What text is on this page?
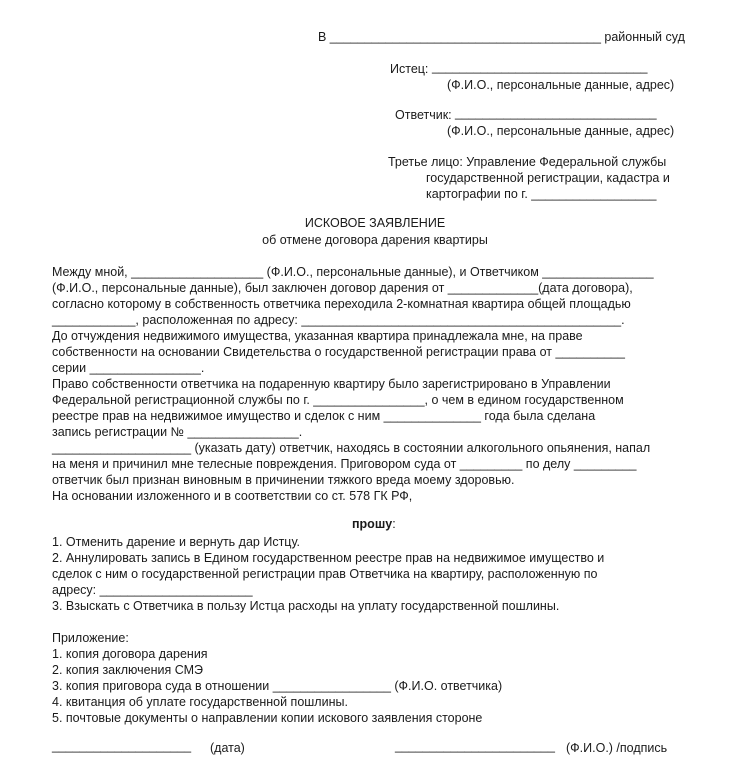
В _______________________________________ районный суд
Истец: _______________________________
(Ф.И.О., персональные данные, адрес)
Ответчик: _____________________________
(Ф.И.О., персональные данные, адрес)
Третье лицо: Управление Федеральной службы
государственной регистрации, кадастра и
картографии по г. __________________
ИСКОВОЕ ЗАЯВЛЕНИЕ
об отмене договора дарения квартиры
Между мной, ___________________ (Ф.И.О., персональные данные), и Ответчиком ________________
(Ф.И.О., персональные данные), был заключен договор дарения от _____________(дата договора),
согласно которому в собственность ответчика переходила 2-комнатная квартира общей площадью
____________, расположенная по адресу: ______________________________________________.
До отчуждения недвижимого имущества, указанная квартира принадлежала мне, на праве
собственности на основании Свидетельства о государственной регистрации права от __________
серии ________________.
Право собственности ответчика на подаренную квартиру было зарегистрировано в Управлении
Федеральной регистрационной службы по г. ________________, о чем в едином государственном
реестре прав на недвижимое имущество и сделок с ним ______________ года была сделана
запись регистрации № ________________.
____________________ (указать дату) ответчик, находясь в состоянии алкогольного опьянения, напал
на меня и причинил мне телесные повреждения. Приговором суда от _________ по делу _________
ответчик был признан виновным в причинении тяжкого вреда моему здоровью.
На основании изложенного и в соответствии со ст. 578 ГК РФ,
прошу:
1. Отменить дарение и вернуть дар Истцу.
2. Аннулировать запись в Едином государственном реестре прав на недвижимое имущество и
сделок с ним о государственной регистрации прав Ответчика на квартиру, расположенную по
адресу: ______________________
3. Взыскать с Ответчика в пользу Истца расходы на уплату государственной пошлины.
Приложение:
1. копия договора дарения
2. копия заключения СМЭ
3. копия приговора суда в отношении _________________ (Ф.И.О. ответчика)
4. квитанция об уплате государственной пошлины.
5. почтовые документы о направлении копии искового заявления стороне
____________________ (дата)	_______________________ (Ф.И.О.) /подпись
